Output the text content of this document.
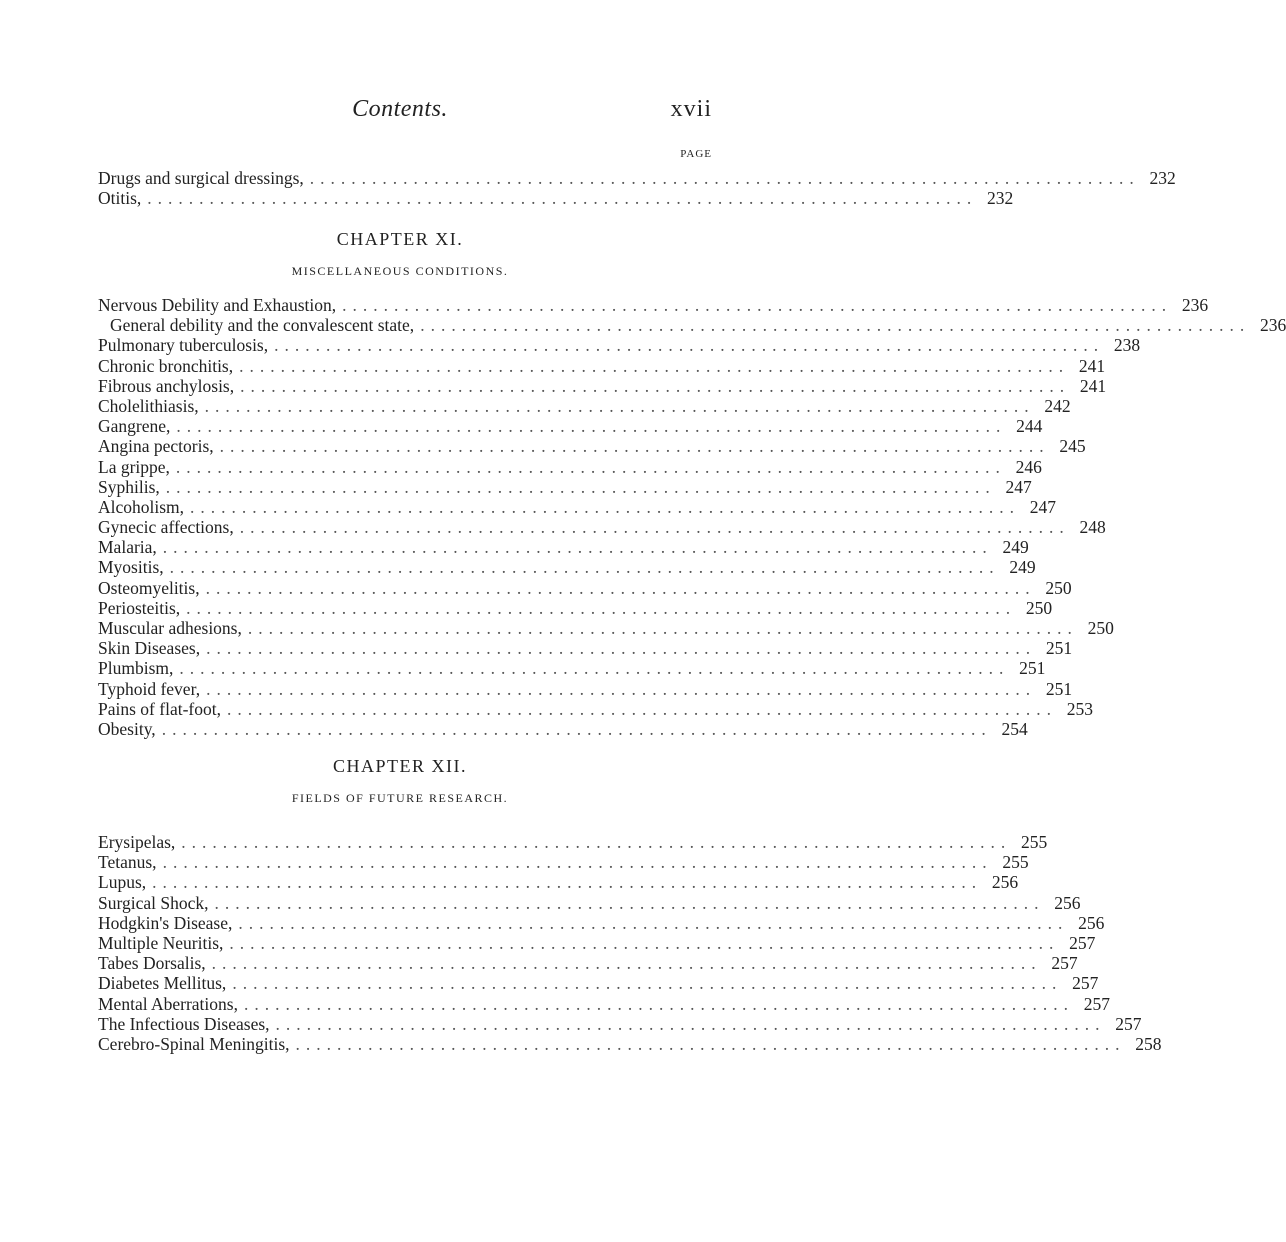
Contents.	xvii
PAGE
Drugs and surgical dressings, ................................................................................ 232
Otitis, ................................................................................ 232
CHAPTER XI.
MISCELLANEOUS CONDITIONS.
Nervous Debility and Exhaustion, ................................................................................ 236
General debility and the convalescent state, ................................................................................ 236
Pulmonary tuberculosis, ................................................................................ 238
Chronic bronchitis, ................................................................................ 241
Fibrous anchylosis, ................................................................................ 241
Cholelithiasis, ................................................................................ 242
Gangrene, ................................................................................ 244
Angina pectoris, ................................................................................ 245
La grippe, ................................................................................ 246
Syphilis, ................................................................................ 247
Alcoholism, ................................................................................ 247
Gynecic affections, ................................................................................ 248
Malaria, ................................................................................ 249
Myositis, ................................................................................ 249
Osteomyelitis, ................................................................................ 250
Periosteitis, ................................................................................ 250
Muscular adhesions, ................................................................................ 250
Skin Diseases, ................................................................................ 251
Plumbism, ................................................................................ 251
Typhoid fever, ................................................................................ 251
Pains of flat-foot, ................................................................................ 253
Obesity, ................................................................................ 254
CHAPTER XII.
FIELDS OF FUTURE RESEARCH.
Erysipelas, ................................................................................ 255
Tetanus, ................................................................................ 255
Lupus, ................................................................................ 256
Surgical Shock, ................................................................................ 256
Hodgkin's Disease, ................................................................................ 256
Multiple Neuritis, ................................................................................ 257
Tabes Dorsalis, ................................................................................ 257
Diabetes Mellitus, ................................................................................ 257
Mental Aberrations, ................................................................................ 257
The Infectious Diseases, ................................................................................ 257
Cerebro-Spinal Meningitis, ................................................................................ 258
